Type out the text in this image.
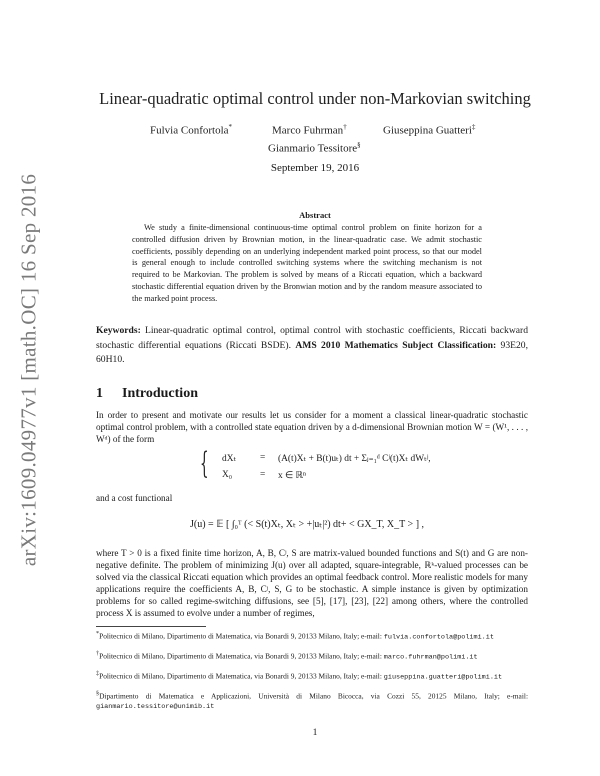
arXiv:1609.04977v1 [math.OC] 16 Sep 2016
Linear-quadratic optimal control under non-Markovian switching
Fulvia Confortola*	Marco Fuhrman†	Giuseppina Guatteri‡
Gianmario Tessitore§
September 19, 2016
Abstract
We study a finite-dimensional continuous-time optimal control problem on finite horizon for a controlled diffusion driven by Brownian motion, in the linear-quadratic case. We admit stochastic coefficients, possibly depending on an underlying independent marked point process, so that our model is general enough to include controlled switching systems where the switching mechanism is not required to be Markovian. The problem is solved by means of a Riccati equation, which a backward stochastic differential equation driven by the Bronwian motion and by the random measure associated to the marked point process.
Keywords: Linear-quadratic optimal control, optimal control with stochastic coefficients, Riccati backward stochastic differential equations (Riccati BSDE). AMS 2010 Mathematics Subject Classification: 93E20, 60H10.
1 Introduction
In order to present and motivate our results let us consider for a moment a classical linear-quadratic stochastic optimal control problem, with a controlled state equation driven by a d-dimensional Brownian motion W = (W¹, . . . , Wᵈ) of the form
{ dXₜ	= (A(t)Xₜ + B(t)uₜ) dt + Σⱼ₌₁ᵈ Cʲ(t)Xₜ dWₜʲ,
X₀	= x ∈ ℝⁿ
and a cost functional
J(u) = 𝔼 [ ∫₀ᵀ (< S(t)Xₜ, Xₜ > +|uₜ|²) dt+ < GX_T, X_T > ] ,
where T > 0 is a fixed finite time horizon, A, B, Cʲ, S are matrix-valued bounded functions and S(t) and G are non-negative definite. The problem of minimizing J(u) over all adapted, square-integrable, ℝᵏ-valued processes can be solved via the classical Riccati equation which provides an optimal feedback control. More realistic models for many applications require the coefficients A, B, Cʲ, S, G to be stochastic. A simple instance is given by optimization problems for so called regime-switching diffusions, see [5], [17], [23], [22] among others, where the controlled process X is assumed to evolve under a number of regimes,
*Politecnico di Milano, Dipartimento di Matematica, via Bonardi 9, 20133 Milano, Italy; e-mail: fulvia.confortola@polimi.it
†Politecnico di Milano, Dipartimento di Matematica, via Bonardi 9, 20133 Milano, Italy; e-mail: marco.fuhrman@polimi.it
‡Politecnico di Milano, Dipartimento di Matematica, via Bonardi 9, 20133 Milano, Italy; e-mail: giuseppina.guatteri@polimi.it
§Dipartimento di Matematica e Applicazioni, Università di Milano Bicocca, via Cozzi 55, 20125 Milano, Italy; e-mail: gianmario.tessitore@unimib.it
1
